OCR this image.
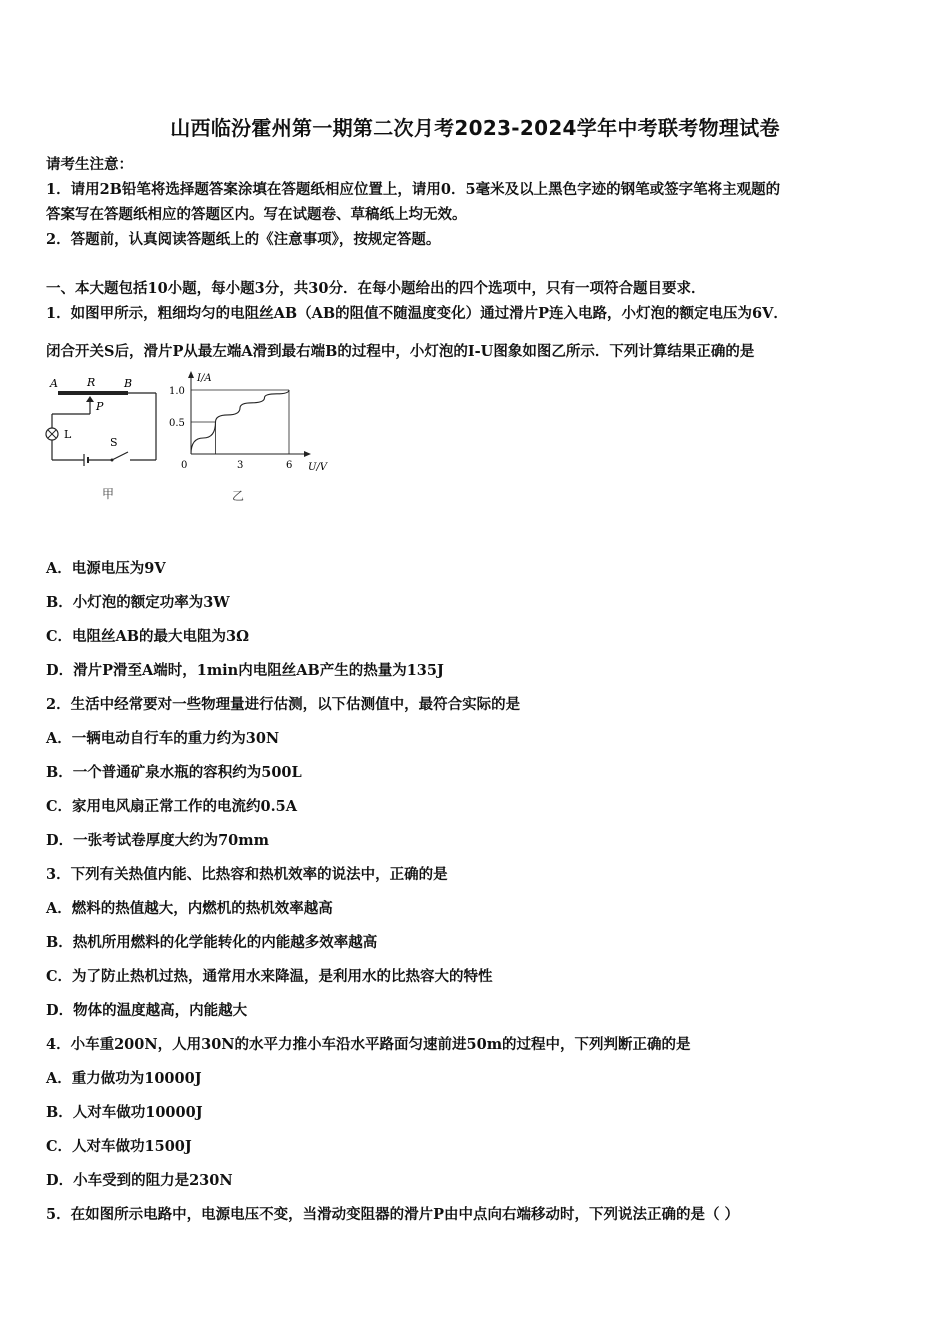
山西临汾霍州第一期第二次月考2023-2024学年中考联考物理试卷
请考生注意：
1．请用2B铅笔将选择题答案涂填在答题纸相应位置上，请用0．5毫米及以上黑色字迹的钢笔或签字笔将主观题的
答案写在答题纸相应的答题区内。写在试题卷、草稿纸上均无效。
2．答题前，认真阅读答题纸上的《注意事项》，按规定答题。
一、本大题包括10小题，每小题3分，共30分．在每小题给出的四个选项中，只有一项符合题目要求．
1．如图甲所示，粗细均匀的电阻丝AB（AB的阻值不随温度变化）通过滑片P连入电路，小灯泡的额定电压为6V．
闭合开关S后，滑片P从最左端A滑到最右端B的过程中，小灯泡的I-U图象如图乙所示．下列计算结果正确的是
A	R	B
P
L
S
甲
I/A
U/V
0	3	6
0.5
1.0
乙
A．电源电压为9V
B．小灯泡的额定功率为3W
C．电阻丝AB的最大电阻为3Ω
D．滑片P滑至A端时，1min内电阻丝AB产生的热量为135J
2．生活中经常要对一些物理量进行估测，以下估测值中，最符合实际的是
A．一辆电动自行车的重力约为30N
B．一个普通矿泉水瓶的容积约为500L
C．家用电风扇正常工作的电流约0.5A
D．一张考试卷厚度大约为70mm
3．下列有关热值内能、比热容和热机效率的说法中，正确的是
A．燃料的热值越大，内燃机的热机效率越高
B．热机所用燃料的化学能转化的内能越多效率越高
C．为了防止热机过热，通常用水来降温，是利用水的比热容大的特性
D．物体的温度越高，内能越大
4．小车重200N，人用30N的水平力推小车沿水平路面匀速前进50m的过程中，下列判断正确的是
A．重力做功为10000J
B．人对车做功10000J
C．人对车做功1500J
D．小车受到的阻力是230N
5．在如图所示电路中，电源电压不变，当滑动变阻器的滑片P由中点向右端移动时，下列说法正确的是（ ）
